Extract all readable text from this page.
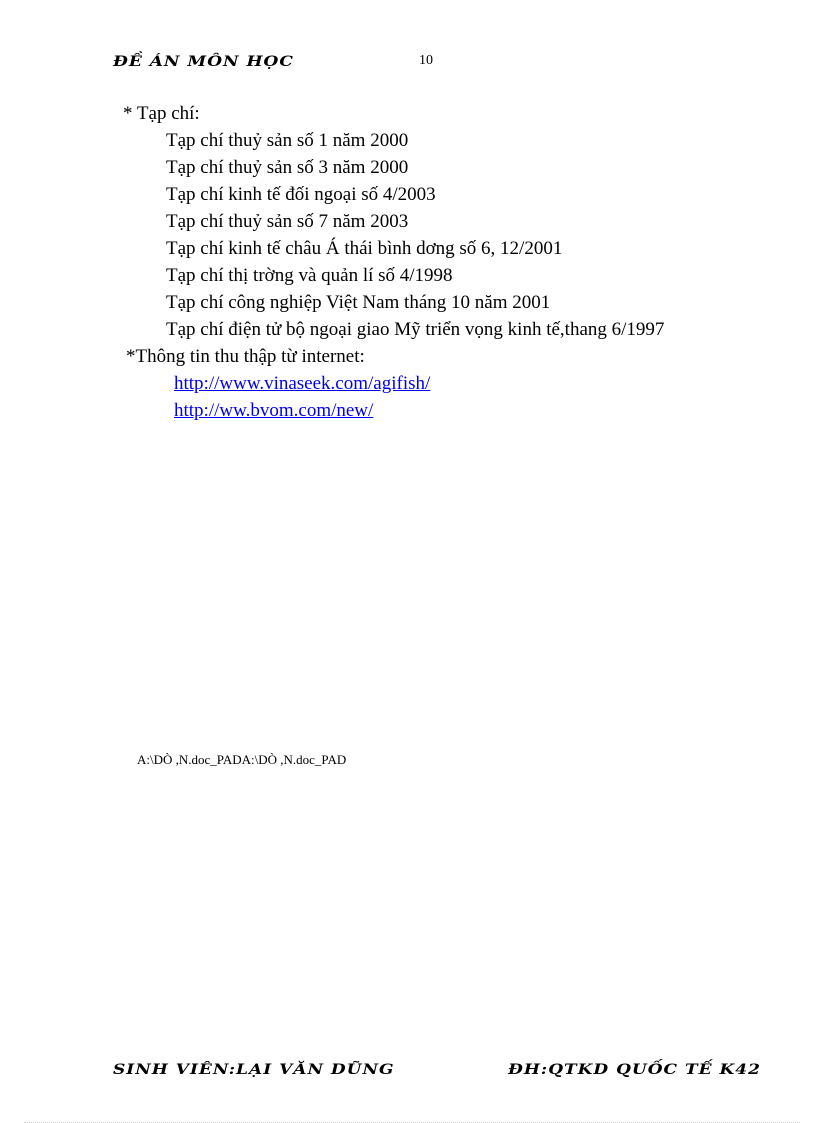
ĐỀ ÁN MÔN HỌC	10
* Tạp chí:
Tạp chí thuỷ sản số 1 năm 2000
Tạp chí thuỷ sản số 3 năm 2000
Tạp chí kinh tế đối ngoại số 4/2003
Tạp chí thuỷ sản số 7 năm 2003
Tạp chí kinh tế châu Á thái bình dơng số 6, 12/2001
Tạp chí thị trờng và quản lí số 4/1998
Tạp chí công nghiệp Việt Nam tháng 10 năm 2001
Tạp chí điện tử bộ ngoại giao Mỹ triển vọng kinh tế,thang 6/1997
*Thông tin thu thập từ internet:
http://www.vinaseek.com/agifish/
http://ww.bvom.com/new/
A:\DÒ ,N.doc_PADA:\DÒ ,N.doc_PAD
SINH VIÊN:LẠI VĂN DŨNG	ĐH:QTKD QUỐC TẾ K42
